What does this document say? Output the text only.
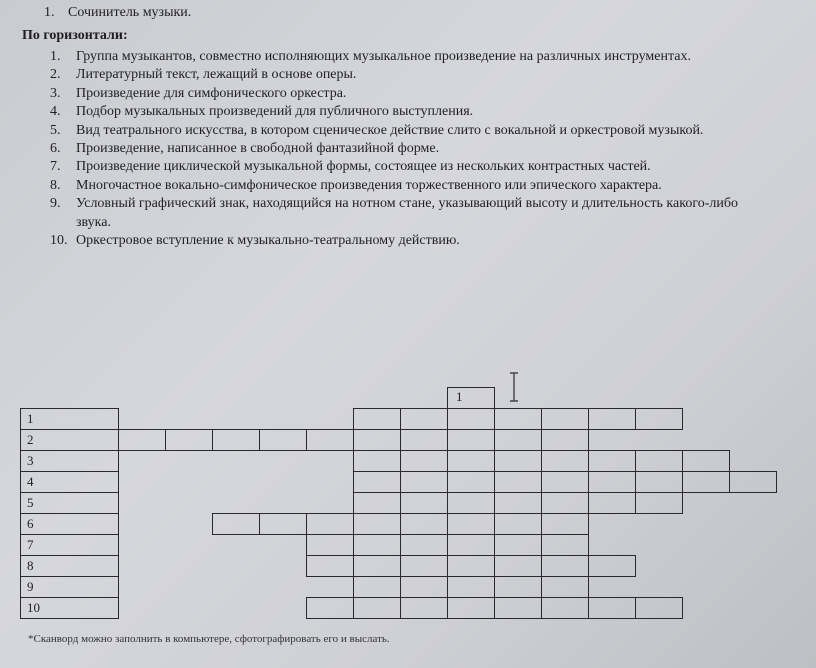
1. Сочинитель музыки.
По горизонтали:
1.	Группа музыкантов, совместно исполняющих музыкальное произведение на различных инструментах.
2.	Литературный текст, лежащий в основе оперы.
3.	Произведение для симфонического оркестра.
4.	Подбор музыкальных произведений для публичного выступления.
5.	Вид театрального искусства, в котором сценическое действие слито с вокальной и оркестровой музыкой.
6.	Произведение, написанное в свободной фантазийной форме.
7.	Произведение циклической музыкальной формы, состоящее из нескольких контрастных частей.
8.	Многочастное вокально-симфоническое произведения торжественного или эпического характера.
9.	Условный графический знак, находящийся на нотном стане, указывающий высоту и длительность какого-либо звука.
10. Оркестровое вступление к музыкально-театральному действию.
1
1
2
3
4
5
6
7
8
9
10
*Сканворд можно заполнить в компьютере, сфотографировать его и выслать.
